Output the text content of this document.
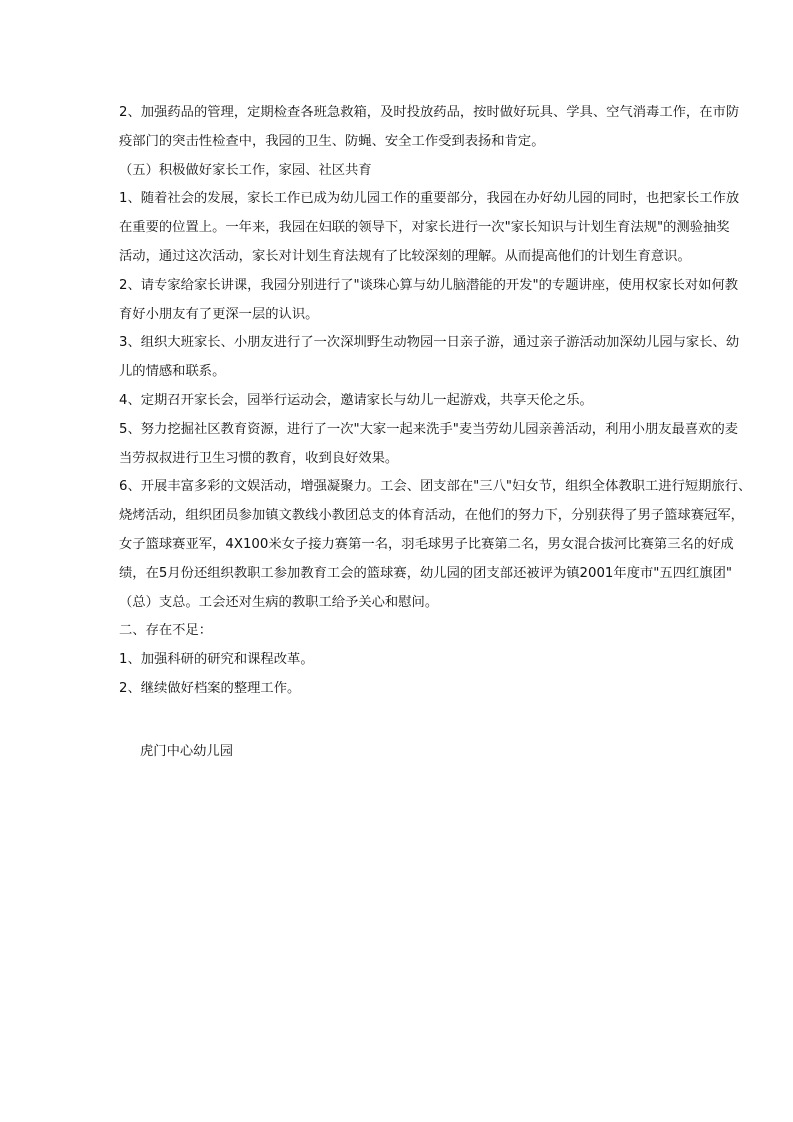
2、加强药品的管理，定期检查各班急救箱，及时投放药品，按时做好玩具、学具、空气消毒工作，在市防
疫部门的突击性检查中，我园的卫生、防蝇、安全工作受到表扬和肯定。
（五）积极做好家长工作，家园、社区共育
1、随着社会的发展，家长工作已成为幼儿园工作的重要部分，我园在办好幼儿园的同时，也把家长工作放
在重要的位置上。一年来，我园在妇联的领导下，对家长进行一次"家长知识与计划生育法规"的测验抽奖
活动，通过这次活动，家长对计划生育法规有了比较深刻的理解。从而提高他们的计划生育意识。
2、请专家给家长讲课，我园分别进行了"谈珠心算与幼儿脑潜能的开发"的专题讲座，使用权家长对如何教
育好小朋友有了更深一层的认识。
3、组织大班家长、小朋友进行了一次深圳野生动物园一日亲子游，通过亲子游活动加深幼儿园与家长、幼
儿的情感和联系。
4、定期召开家长会，园举行运动会，邀请家长与幼儿一起游戏，共享天伦之乐。
5、努力挖掘社区教育资源，进行了一次"大家一起来洗手"麦当劳幼儿园亲善活动，利用小朋友最喜欢的麦
当劳叔叔进行卫生习惯的教育，收到良好效果。
6、开展丰富多彩的文娱活动，增强凝聚力。工会、团支部在"三八"妇女节，组织全体教职工进行短期旅行、
烧烤活动，组织团员参加镇文教线小教团总支的体育活动，在他们的努力下，分别获得了男子篮球赛冠军，
女子篮球赛亚军，4X100米女子接力赛第一名，羽毛球男子比赛第二名，男女混合拔河比赛第三名的好成
绩，在5月份还组织教职工参加教育工会的篮球赛，幼儿园的团支部还被评为镇2001年度市"五四红旗团"
（总）支总。工会还对生病的教职工给予关心和慰问。
二、存在不足：
1、加强科研的研究和课程改革。
2、继续做好档案的整理工作。
虎门中心幼儿园
